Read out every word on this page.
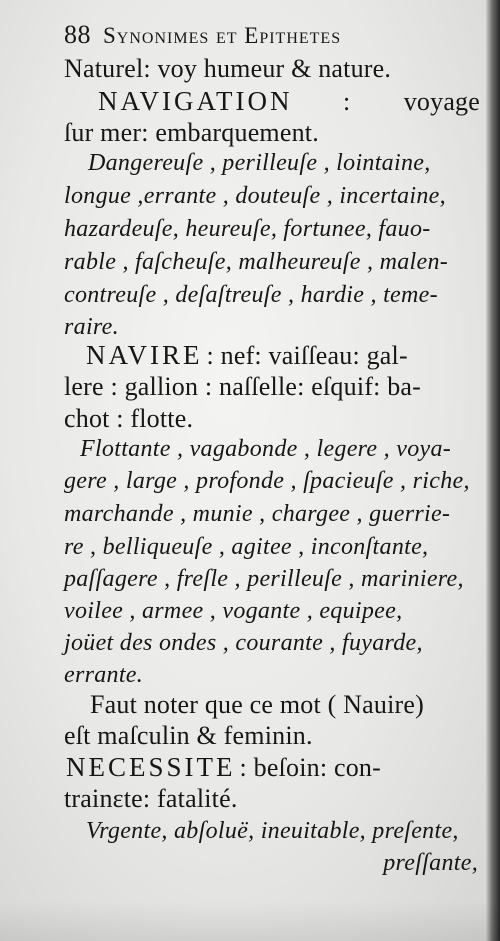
88 Synonimes et Epithetes
Naturel: voy humeur & nature.
NAVIGATION : voyage
ſur mer: embarquement.
Dangereuſe , perilleuſe , lointaine,
longue ,errante , douteuſe , incertaine,
hazardeuſe, heureuſe, fortunee, fauo-
rable , faſcheuſe, malheureuſe , malen-
contreuſe , deſaſtreuſe , hardie , teme-
raire.
NAVIRE : nef: vaiſſeau: gal-
lere : gallion : naſſelle: eſquif: ba-
chot : flotte.
Flottante , vagabonde , legere , voya-
gere , large , profonde , ſpacieuſe , riche,
marchande , munie , chargee , guerrie-
re , belliqueuſe , agitee , inconſtante,
paſſagere , freſle , perilleuſe , mariniere,
voilee , armee , vogante , equipee,
joüet des ondes , courante , fuyarde,
errante.
Faut noter que ce mot ( Nauire)
eſt maſculin & feminin.
NECESSITE : beſoin: con-
trainɛte: fatalité.
Vrgente, abſoluë, ineuitable, preſente,
preſſante,
